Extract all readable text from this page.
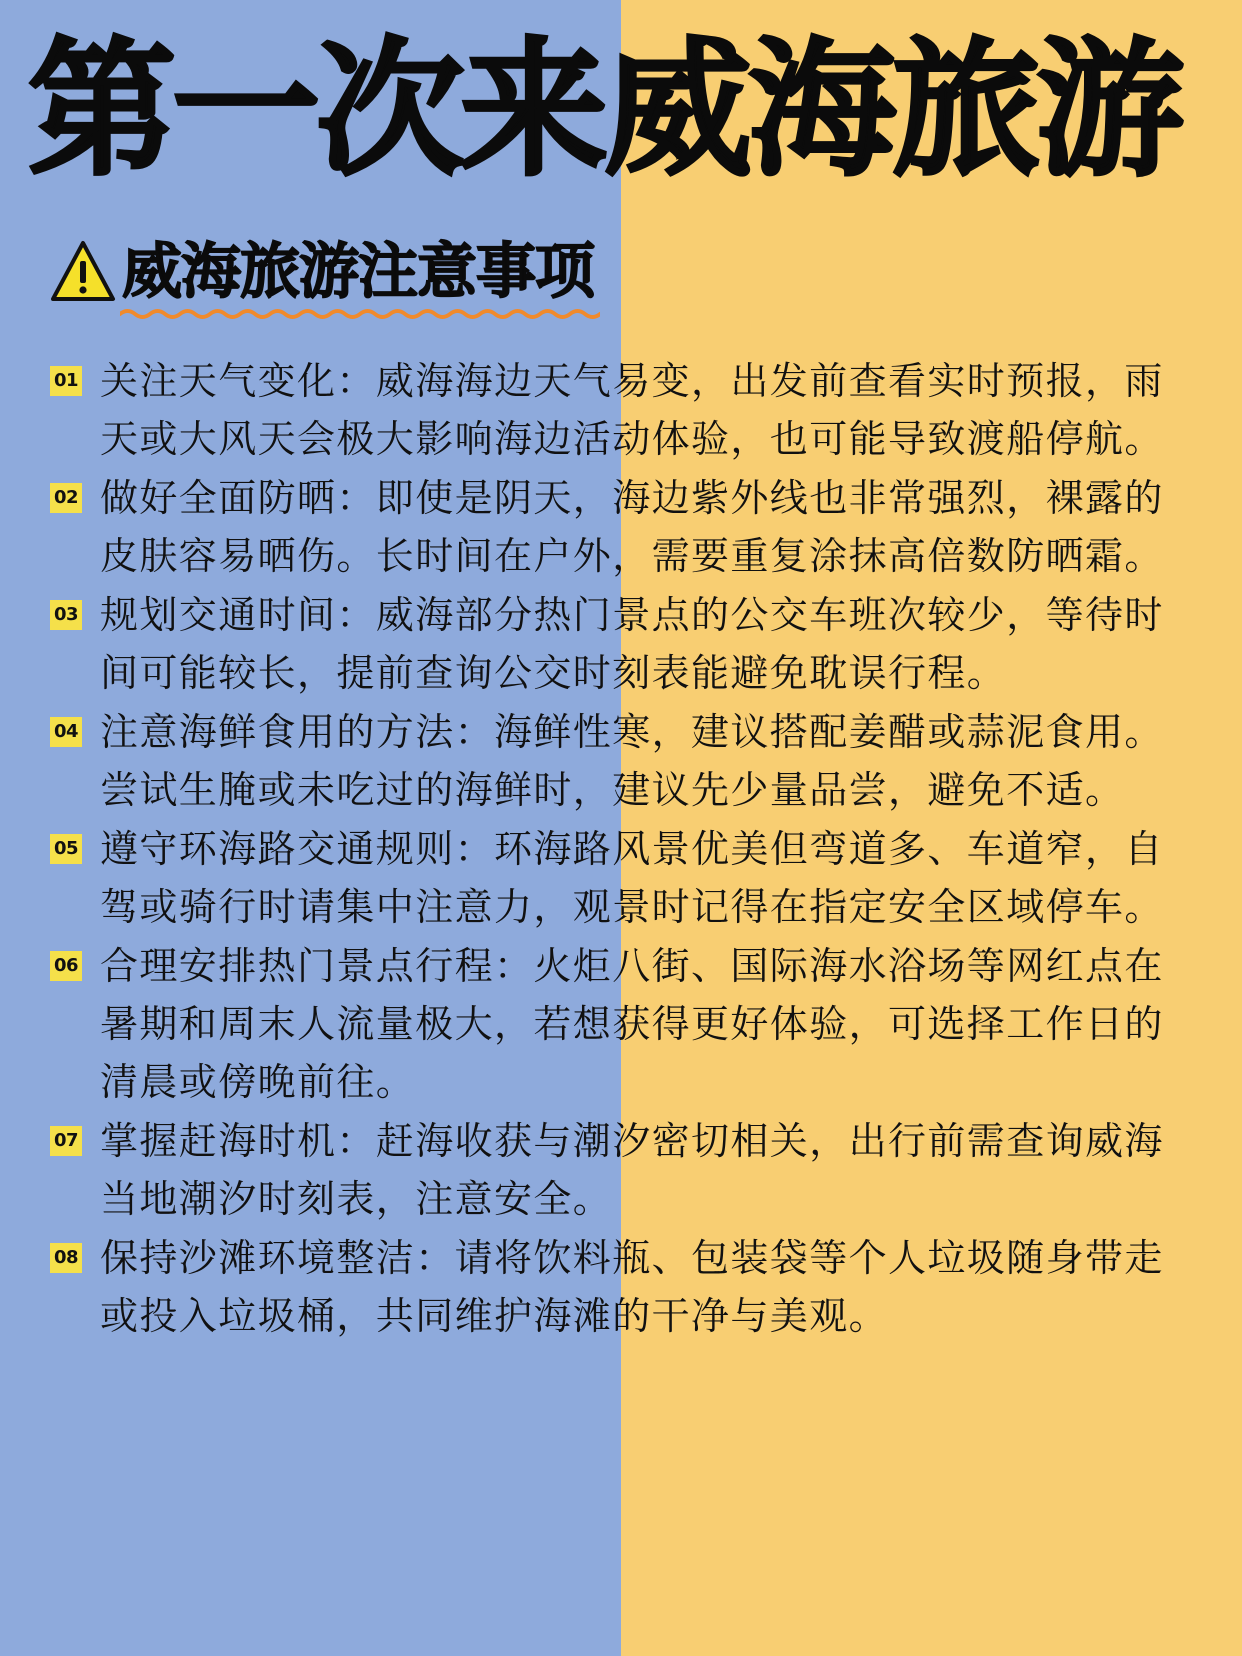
第一次来威海旅游
威海旅游注意事项
01 关注天气变化：威海海边天气易变，出发前查看实时预报，雨天或大风天会极大影响海边活动体验，也可能导致渡船停航。

02 做好全面防晒：即使是阴天，海边紫外线也非常强烈，裸露的皮肤容易晒伤。长时间在户外，需要重复涂抹高倍数防晒霜。

03 规划交通时间：威海部分热门景点的公交车班次较少，等待时间可能较长，提前查询公交时刻表能避免耽误行程。

04 注意海鲜食用的方法：海鲜性寒，建议搭配姜醋或蒜泥食用。尝试生腌或未吃过的海鲜时，建议先少量品尝，避免不适。

05 遵守环海路交通规则：环海路风景优美但弯道多、车道窄，自驾或骑行时请集中注意力，观景时记得在指定安全区域停车。

06 合理安排热门景点行程：火炬八街、国际海水浴场等网红点在暑期和周末人流量极大，若想获得更好体验，可选择工作日的清晨或傍晚前往。

07 掌握赶海时机：赶海收获与潮汐密切相关，出行前需查询威海当地潮汐时刻表，注意安全。

08 保持沙滩环境整洁：请将饮料瓶、包装袋等个人垃圾随身带走或投入垃圾桶，共同维护海滩的干净与美观。
